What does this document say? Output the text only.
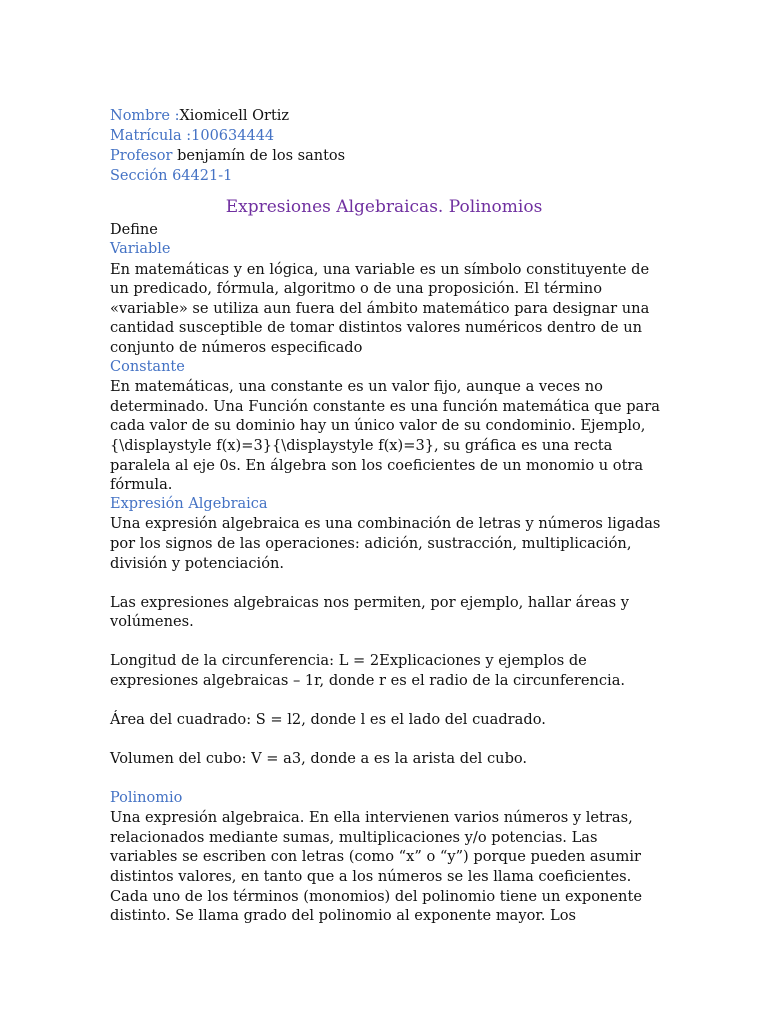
Nombre :Xiomicell Ortiz
Matrícula :100634444
Profesor benjamín de los santos
Sección 64421-1
Expresiones Algebraicas. Polinomios
Define
Variable
En matemáticas y en lógica, una variable es un símbolo constituyente de
un predicado, fórmula, algoritmo o de una proposición. El término
«variable» se utiliza aun fuera del ámbito matemático para designar una
cantidad susceptible de tomar distintos valores numéricos dentro de un
conjunto de números especificado
Constante
En matemáticas, una constante es un valor fijo, aunque a veces no
determinado. Una Función constante es una función matemática que para
cada valor de su dominio hay un único valor de su condominio. Ejemplo,
{\displaystyle f(x)=3}{\displaystyle f(x)=3}, su gráfica es una recta
paralela al eje 0s. En álgebra son los coeficientes de un monomio u otra
fórmula.
Expresión Algebraica
Una expresión algebraica es una combinación de letras y números ligadas
por los signos de las operaciones: adición, sustracción, multiplicación,
división y potenciación.
Las expresiones algebraicas nos permiten, por ejemplo, hallar áreas y
volúmenes.
Longitud de la circunferencia: L = 2Explicaciones y ejemplos de
expresiones algebraicas – 1r, donde r es el radio de la circunferencia.
Área del cuadrado: S = l2, donde l es el lado del cuadrado.
Volumen del cubo: V = a3, donde a es la arista del cubo.
Polinomio
Una expresión algebraica. En ella intervienen varios números y letras,
relacionados mediante sumas, multiplicaciones y/o potencias. Las
variables se escriben con letras (como “x” o “y”) porque pueden asumir
distintos valores, en tanto que a los números se les llama coeficientes.
Cada uno de los términos (monomios) del polinomio tiene un exponente
distinto. Se llama grado del polinomio al exponente mayor. Los
